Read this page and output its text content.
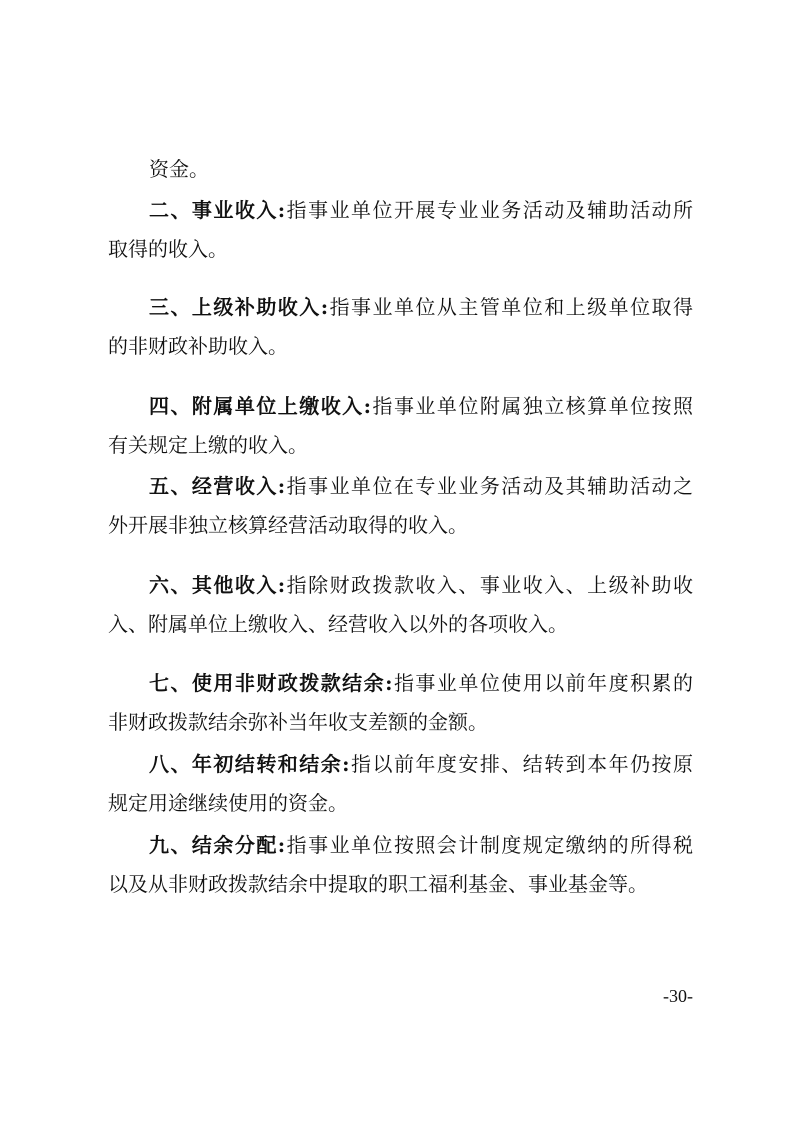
资金。

二、事业收入:指事业单位开展专业业务活动及辅助活动所
取得的收入。

三、上级补助收入:指事业单位从主管单位和上级单位取得
的非财政补助收入。

四、附属单位上缴收入:指事业单位附属独立核算单位按照
有关规定上缴的收入。

五、经营收入:指事业单位在专业业务活动及其辅助活动之
外开展非独立核算经营活动取得的收入。

六、其他收入:指除财政拨款收入、事业收入、上级补助收
入、附属单位上缴收入、经营收入以外的各项收入。

七、使用非财政拨款结余:指事业单位使用以前年度积累的
非财政拨款结余弥补当年收支差额的金额。

八、年初结转和结余:指以前年度安排、结转到本年仍按原
规定用途继续使用的资金。

九、结余分配:指事业单位按照会计制度规定缴纳的所得税
以及从非财政拨款结余中提取的职工福利基金、事业基金等。

-30-
